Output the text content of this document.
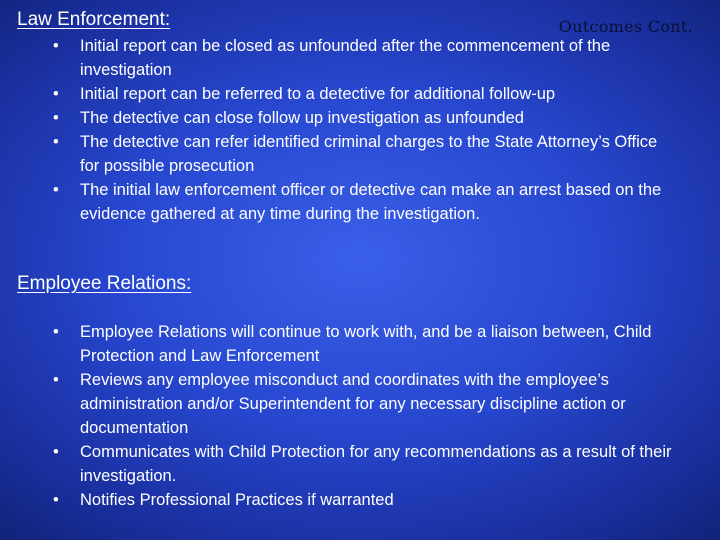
Law Enforcement:	Outcomes Cont.
• Initial report can be closed as unfounded after the commencement of the investigation
• Initial report can be referred to a detective for additional follow-up
• The detective can close follow up investigation as unfounded
• The detective can refer identified criminal charges to the State Attorney’s Office for possible prosecution
• The initial law enforcement officer or detective can make an arrest based on the evidence gathered at any time during the investigation.
Employee Relations:
• Employee Relations will continue to work with, and be a liaison between, Child Protection and Law Enforcement
• Reviews any employee misconduct and coordinates with the employee’s administration and/or Superintendent for any necessary discipline action or documentation
• Communicates with Child Protection for any recommendations as a result of their investigation.
• Notifies Professional Practices if warranted
